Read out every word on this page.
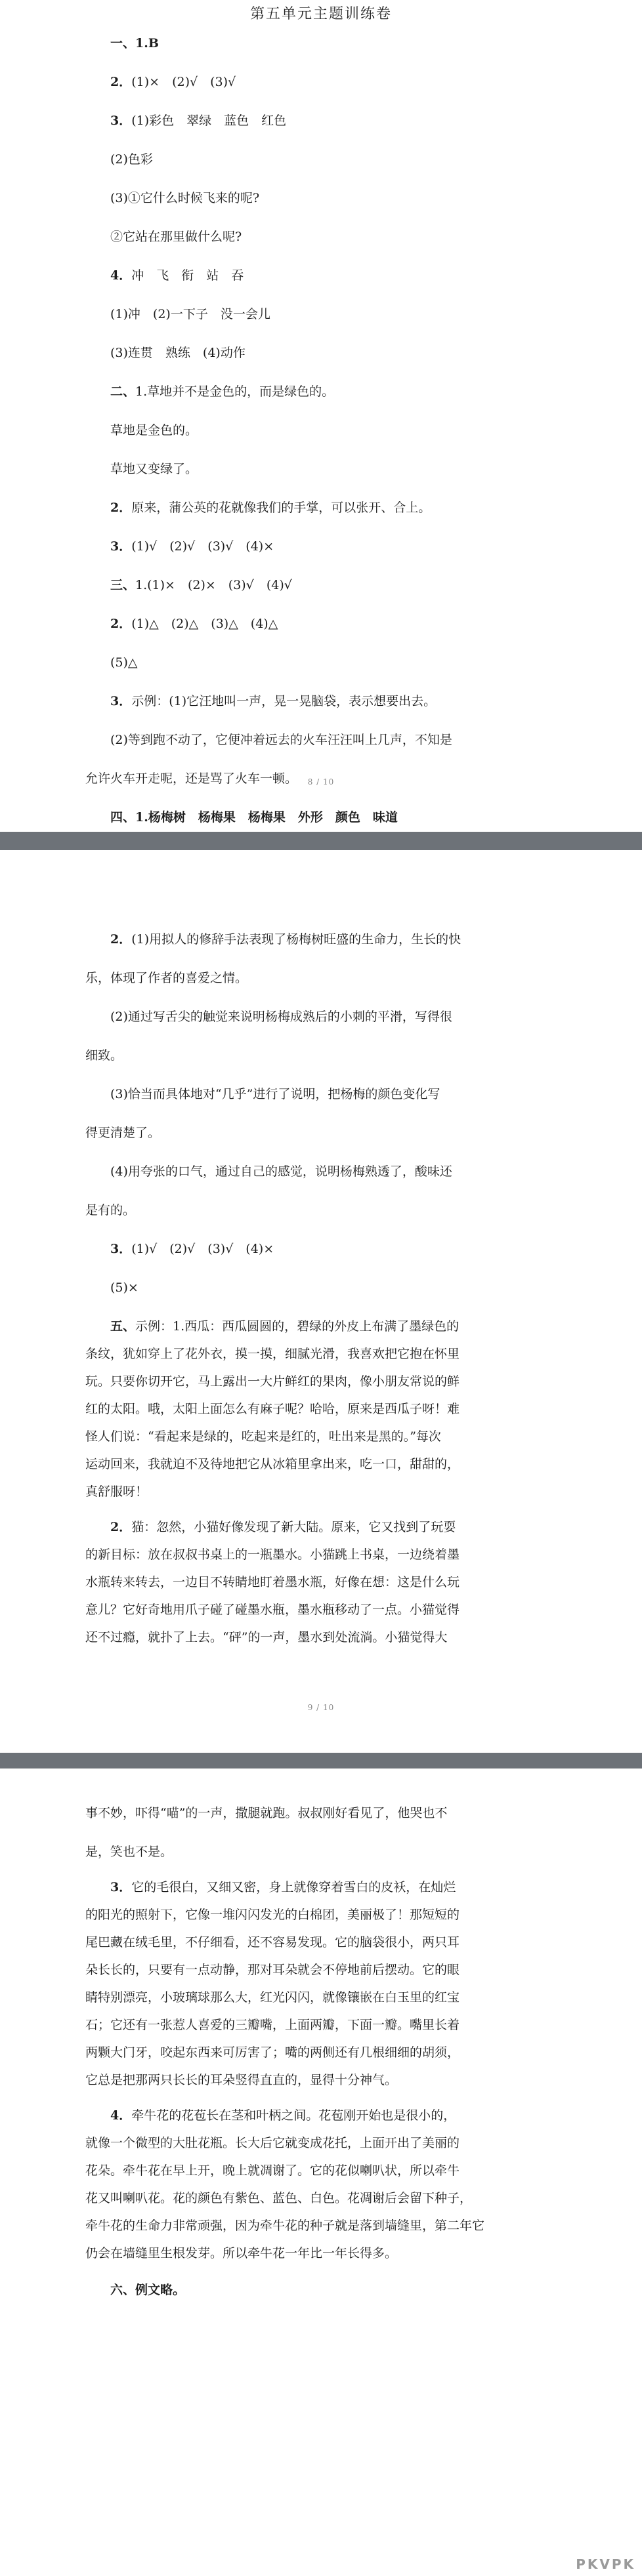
第五单元主题训练卷
一、1.B
2．(1)×　(2)√　(3)√
3．(1)彩色　翠绿　蓝色　红色
(2)色彩
(3)①它什么时候飞来的呢?
②它站在那里做什么呢?
4．冲　飞　衔　站　吞
(1)冲　(2)一下子　没一会儿
(3)连贯　熟练　(4)动作
二、1.草地并不是金色的，而是绿色的。
草地是金色的。
草地又变绿了。
2．原来，蒲公英的花就像我们的手掌，可以张开、合上。
3．(1)√　(2)√　(3)√　(4)×
三、1.(1)×　(2)×　(3)√　(4)√
2．(1)△　(2)△　(3)△　(4)△
(5)△
3．示例：(1)它汪地叫一声，晃一晃脑袋，表示想要出去。
(2)等到跑不动了，它便冲着远去的火车汪汪叫上几声，不知是
允许火车开走呢，还是骂了火车一顿。
四、1.杨梅树　杨梅果　杨梅果　外形　颜色　味道
8 / 10
2．(1)用拟人的修辞手法表现了杨梅树旺盛的生命力，生长的快
乐，体现了作者的喜爱之情。
(2)通过写舌尖的触觉来说明杨梅成熟后的小刺的平滑，写得很
细致。
(3)恰当而具体地对“几乎”进行了说明，把杨梅的颜色变化写
得更清楚了。
(4)用夸张的口气，通过自己的感觉，说明杨梅熟透了，酸味还
是有的。
3．(1)√　(2)√　(3)√　(4)×
(5)×
五、示例：1.西瓜：西瓜圆圆的，碧绿的外皮上布满了墨绿色的
条纹，犹如穿上了花外衣，摸一摸，细腻光滑，我喜欢把它抱在怀里
玩。只要你切开它，马上露出一大片鲜红的果肉，像小朋友常说的鲜
红的太阳。哦，太阳上面怎么有麻子呢？哈哈，原来是西瓜子呀！难
怪人们说：“看起来是绿的，吃起来是红的，吐出来是黑的。”每次
运动回来，我就迫不及待地把它从冰箱里拿出来，吃一口，甜甜的，
真舒服呀！
2．猫：忽然，小猫好像发现了新大陆。原来，它又找到了玩耍
的新目标：放在叔叔书桌上的一瓶墨水。小猫跳上书桌，一边绕着墨
水瓶转来转去，一边目不转睛地盯着墨水瓶，好像在想：这是什么玩
意儿？它好奇地用爪子碰了碰墨水瓶，墨水瓶移动了一点。小猫觉得
还不过瘾，就扑了上去。“砰”的一声，墨水到处流淌。小猫觉得大
9 / 10
事不妙，吓得“喵”的一声，撒腿就跑。叔叔刚好看见了，他哭也不
是，笑也不是。
3．它的毛很白，又细又密，身上就像穿着雪白的皮袄，在灿烂
的阳光的照射下，它像一堆闪闪发光的白棉团，美丽极了！那短短的
尾巴藏在绒毛里，不仔细看，还不容易发现。它的脑袋很小，两只耳
朵长长的，只要有一点动静，那对耳朵就会不停地前后摆动。它的眼
睛特别漂亮，小玻璃球那么大，红光闪闪，就像镶嵌在白玉里的红宝
石；它还有一张惹人喜爱的三瓣嘴，上面两瓣，下面一瓣。嘴里长着
两颗大门牙，咬起东西来可厉害了；嘴的两侧还有几根细细的胡须，
它总是把那两只长长的耳朵竖得直直的，显得十分神气。
4．牵牛花的花苞长在茎和叶柄之间。花苞刚开始也是很小的，
就像一个微型的大肚花瓶。长大后它就变成花托，上面开出了美丽的
花朵。牵牛花在早上开，晚上就凋谢了。它的花似喇叭状，所以牵牛
花又叫喇叭花。花的颜色有紫色、蓝色、白色。花凋谢后会留下种子，
牵牛花的生命力非常顽强，因为牵牛花的种子就是落到墙缝里，第二年它
仍会在墙缝里生根发芽。所以牵牛花一年比一年长得多。
六、例文略。
PKVPK
